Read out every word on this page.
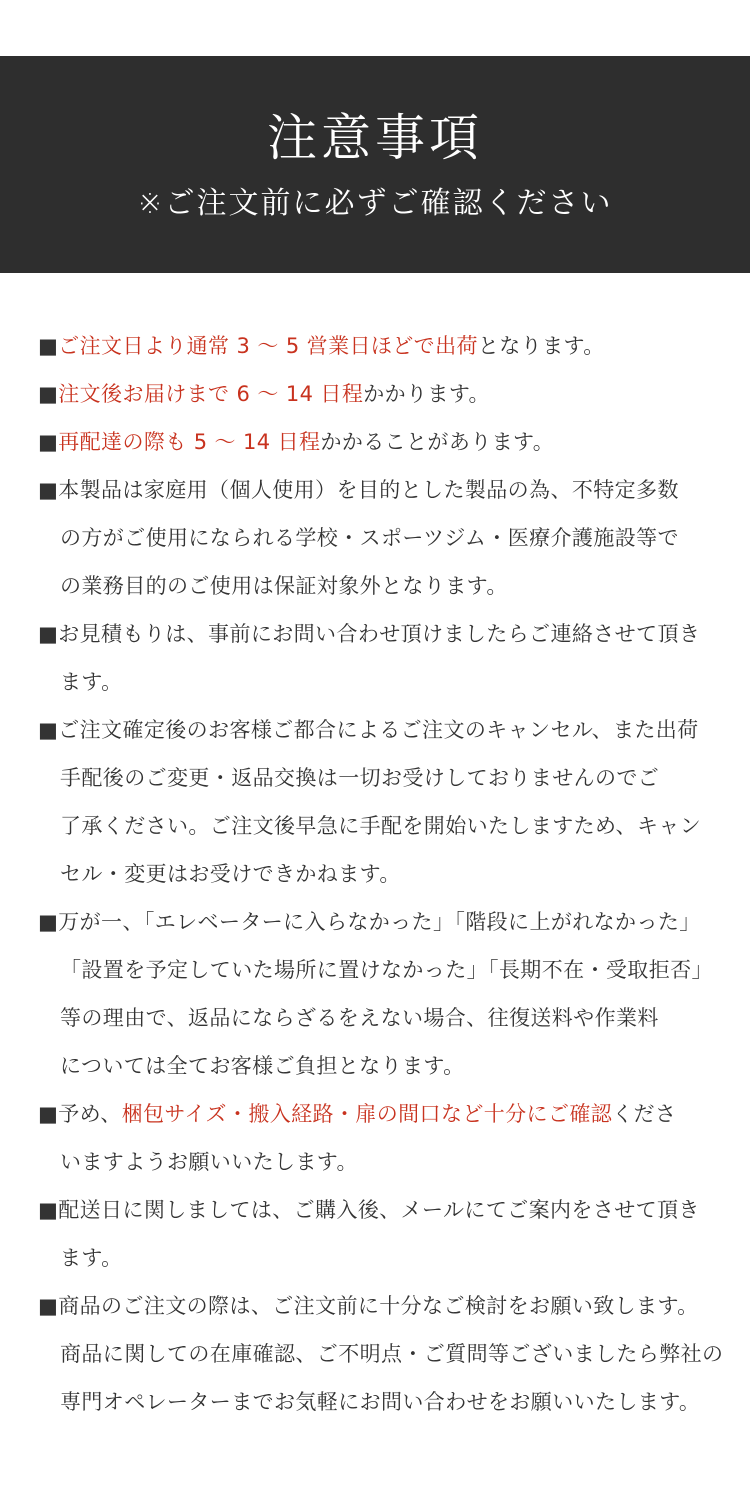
注意事項
※ご注文前に必ずご確認ください
■ご注文日より通常 3 ～ 5 営業日ほどで出荷となります。
■注文後お届けまで 6 ～ 14 日程かかります。
■再配達の際も 5 ～ 14 日程かかることがあります。
■本製品は家庭用（個人使用）を目的とした製品の為、不特定多数
の方がご使用になられる学校・スポーツジム・医療介護施設等で
の業務目的のご使用は保証対象外となります。
■お見積もりは、事前にお問い合わせ頂けましたらご連絡させて頂き
ます。
■ご注文確定後のお客様ご都合によるご注文のキャンセル、また出荷
手配後のご変更・返品交換は一切お受けしておりませんのでご
了承ください。ご注文後早急に手配を開始いたしますため、キャン
セル・変更はお受けできかねます。
■万が一、「エレベーターに入らなかった」「階段に上がれなかった」
「設置を予定していた場所に置けなかった」「長期不在・受取拒否」
等の理由で、返品にならざるをえない場合、往復送料や作業料
については全てお客様ご負担となります。
■予め、梱包サイズ・搬入経路・扉の間口など十分にご確認くださ
いますようお願いいたします。
■配送日に関しましては、ご購入後、メールにてご案内をさせて頂き
ます。
■商品のご注文の際は、ご注文前に十分なご検討をお願い致します。
商品に関しての在庫確認、ご不明点・ご質問等ございましたら弊社の
専門オペレーターまでお気軽にお問い合わせをお願いいたします。
